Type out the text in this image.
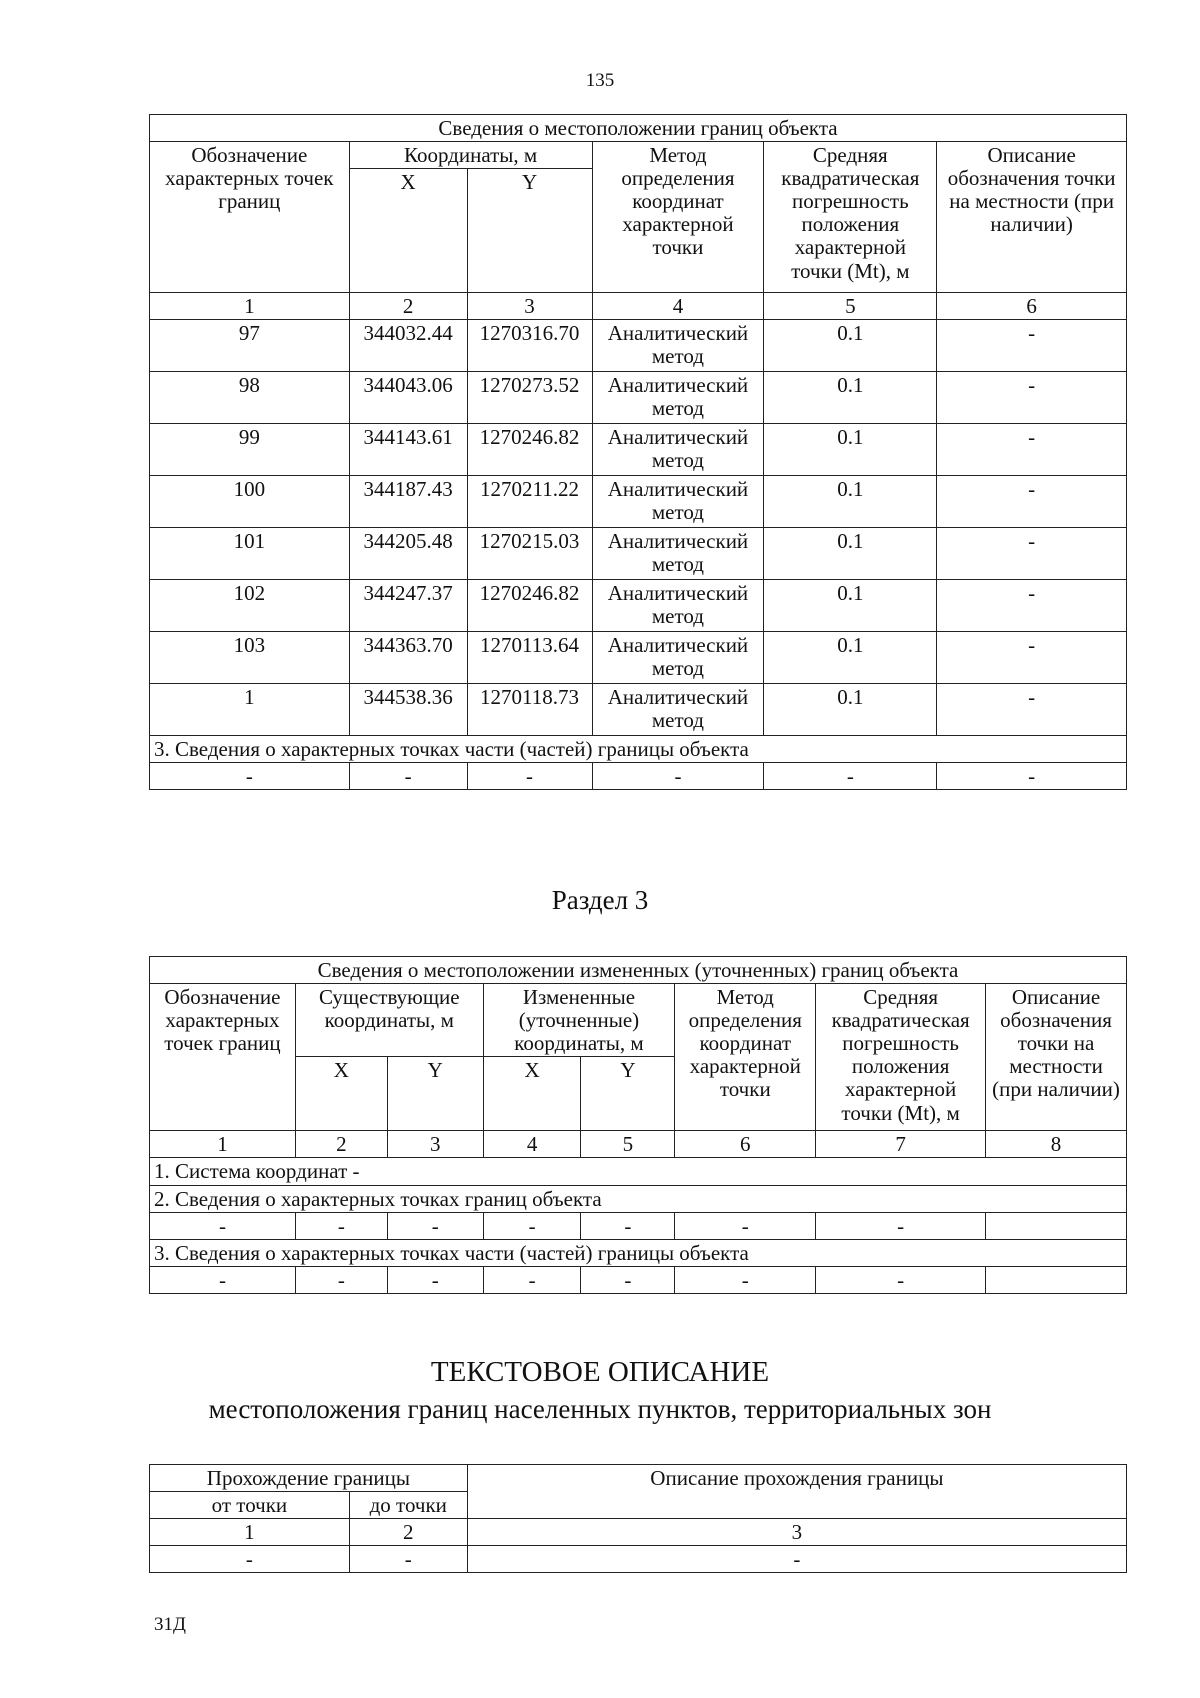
135
Сведения о местоположении границ объекта					
Обозначение характерных точек границ	Координаты, м		Метод определения координат характерной точки	Средняя квадратическая погрешность положения характерной точки (Mt), м	Описание обозначения точки на местности (при наличии)
	X	Y			
1	2	3	4	5	6
97	344032.44	1270316.70	Аналитический метод	0.1	-
98	344043.06	1270273.52	Аналитический метод	0.1	-
99	344143.61	1270246.82	Аналитический метод	0.1	-
100	344187.43	1270211.22	Аналитический метод	0.1	-
101	344205.48	1270215.03	Аналитический метод	0.1	-
102	344247.37	1270246.82	Аналитический метод	0.1	-
103	344363.70	1270113.64	Аналитический метод	0.1	-
1	344538.36	1270118.73	Аналитический метод	0.1	-
3. Сведения о характерных точках части (частей) границы объекта					
-	-	-	-	-	-
Раздел 3
Сведения о местоположении измененных (уточненных) границ объекта							
Обозначение характерных точек границ	Существующие координаты, м		Измененные (уточненные) координаты, м		Метод определения координат характерной точки	Средняя квадратическая погрешность положения характерной точки (Mt), м	Описание обозначения точки на местности (при наличии)
	X	Y	X	Y			
1	2	3	4	5	6	7	8
1. Система координат -							
2. Сведения о характерных точках границ объекта							
-	-	-	-	-	-	-	
3. Сведения о характерных точках части (частей) границы объекта							
-	-	-	-	-	-	-	
ТЕКСТОВОЕ ОПИСАНИЕ
местоположения границ населенных пунктов, территориальных зон
Прохождение границы		Описание прохождения границы
от точки	до точки	
1	2	3
-	-	-
31Д
